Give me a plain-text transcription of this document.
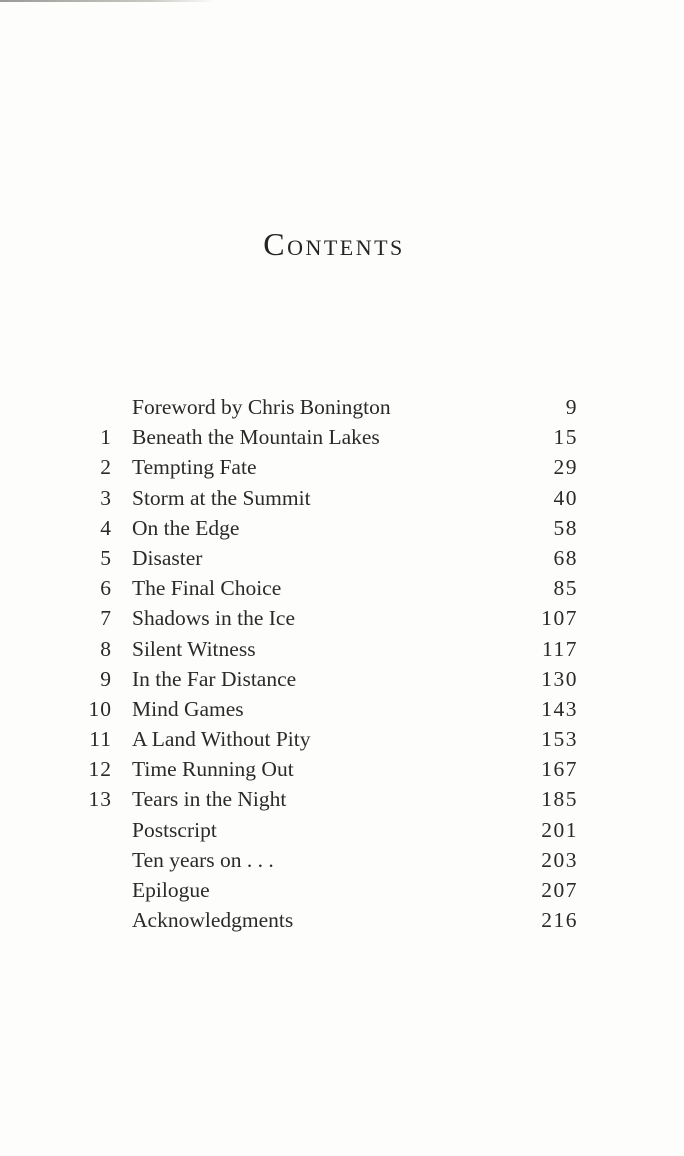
Contents
Foreword by Chris Bonington	9
1 Beneath the Mountain Lakes	15
2 Tempting Fate	29
3 Storm at the Summit	40
4 On the Edge	58
5 Disaster	68
6 The Final Choice	85
7 Shadows in the Ice	107
8 Silent Witness	117
9 In the Far Distance	130
10 Mind Games	143
11 A Land Without Pity	153
12 Time Running Out	167
13 Tears in the Night	185
Postscript	201
Ten years on . . .	203
Epilogue	207
Acknowledgments	216
